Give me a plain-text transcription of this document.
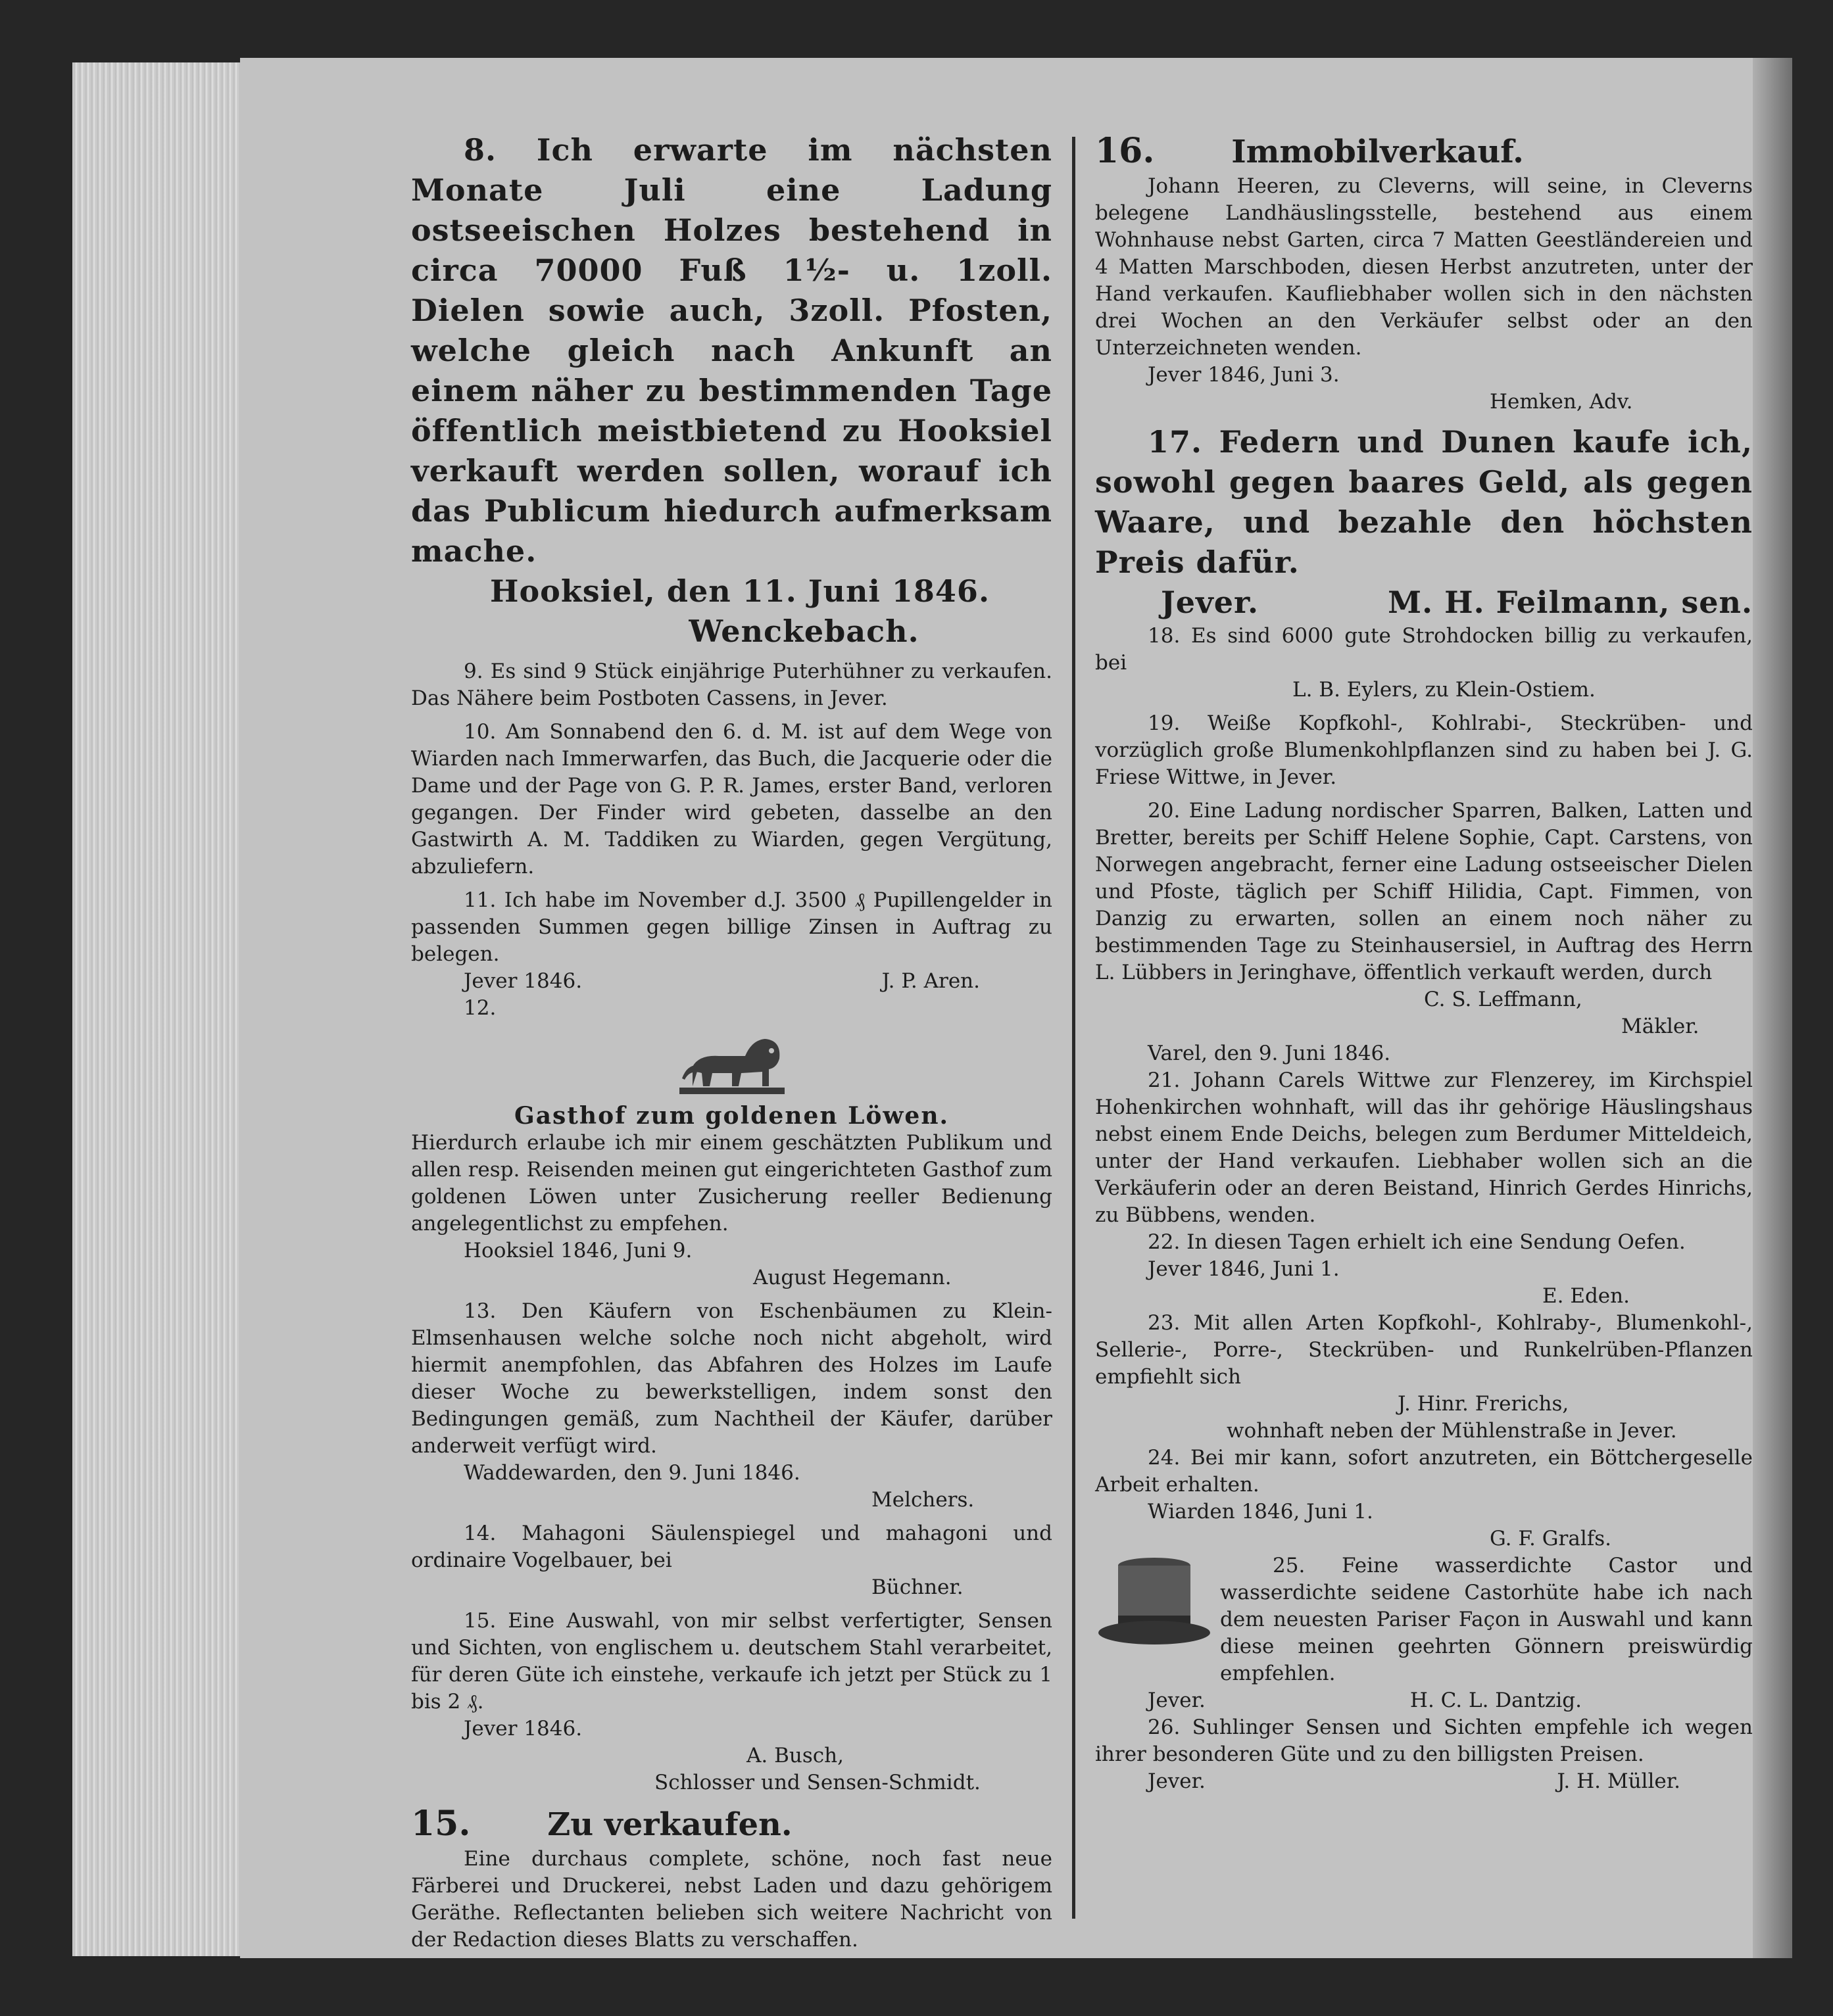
8. Ich erwarte im nächsten Monate Juli eine Ladung ostseeischen Holzes bestehend in circa 70000 Fuß 1½- u. 1zoll. Dielen sowie auch, 3zoll. Pfosten, welche gleich nach Ankunft an einem näher zu bestimmenden Tage öffentlich meistbietend zu Hooksiel verkauft werden sollen, worauf ich das Publicum hiedurch aufmerksam mache.

Hooksiel, den 11. Juni 1846.

Wenckebach.

9. Es sind 9 Stück einjährige Puterhühner zu verkaufen. Das Nähere beim Postboten Cassens, in Jever.

10. Am Sonnabend den 6. d. M. ist auf dem Wege von Wiarden nach Immerwarfen, das Buch, die Jacquerie oder die Dame und der Page von G. P. R. James, erster Band, verloren gegangen. Der Finder wird gebeten, dasselbe an den Gastwirth A. M. Taddiken zu Wiarden, gegen Vergütung, abzuliefern.

11. Ich habe im November d.J. 3500 ₰ Pupillengelder in passenden Summen gegen billige Zinsen in Auftrag zu belegen.

Jever 1846.	J. P. Aren.

12.

Gasthof zum goldenen Löwen.

Hierdurch erlaube ich mir einem geschätzten Publikum und allen resp. Reisenden meinen gut eingerichteten Gasthof zum goldenen Löwen unter Zusicherung reeller Bedienung angelegentlichst zu empfehen.

Hooksiel 1846, Juni 9.

August Hegemann.

13. Den Käufern von Eschenbäumen zu Klein-Elmsenhausen welche solche noch nicht abgeholt, wird hiermit anempfohlen, das Abfahren des Holzes im Laufe dieser Woche zu bewerkstelligen, indem sonst den Bedingungen gemäß, zum Nachtheil der Käufer, darüber anderweit verfügt wird.

Waddewarden, den 9. Juni 1846.

Melchers.

14. Mahagoni Säulenspiegel und mahagoni und ordinaire Vogelbauer, bei

Büchner.

15. Eine Auswahl, von mir selbst verfertigter, Sensen und Sichten, von englischem u. deutschem Stahl verarbeitet, für deren Güte ich einstehe, verkaufe ich jetzt per Stück zu 1 bis 2 ₰.

Jever 1846.

A. Busch,

Schlosser und Sensen-Schmidt.

15. Zu verkaufen.

Eine durchaus complete, schöne, noch fast neue Färberei und Druckerei, nebst Laden und dazu gehörigem Geräthe. Reflectanten belieben sich weitere Nachricht von der Redaction dieses Blatts zu verschaffen.

16. Immobilverkauf.

Johann Heeren, zu Cleverns, will seine, in Cleverns belegene Landhäuslingsstelle, bestehend aus einem Wohnhause nebst Garten, circa 7 Matten Geestländereien und 4 Matten Marschboden, diesen Herbst anzutreten, unter der Hand verkaufen. Kaufliebhaber wollen sich in den nächsten drei Wochen an den Verkäufer selbst oder an den Unterzeichneten wenden.

Jever 1846, Juni 3.

Hemken, Adv.

17. Federn und Dunen kaufe ich, sowohl gegen baares Geld, als gegen Waare, und bezahle den höchsten Preis dafür.

Jever.	M. H. Feilmann, sen.

18. Es sind 6000 gute Strohdocken billig zu verkaufen, bei

L. B. Eylers, zu Klein-Ostiem.

19. Weiße Kopfkohl-, Kohlrabi-, Steckrüben- und vorzüglich große Blumenkohlpflanzen sind zu haben bei J. G. Friese Wittwe, in Jever.

20. Eine Ladung nordischer Sparren, Balken, Latten und Bretter, bereits per Schiff Helene Sophie, Capt. Carstens, von Norwegen angebracht, ferner eine Ladung ostseeischer Dielen und Pfoste, täglich per Schiff Hilidia, Capt. Fimmen, von Danzig zu erwarten, sollen an einem noch näher zu bestimmenden Tage zu Steinhausersiel, in Auftrag des Herrn L. Lübbers in Jeringhave, öffentlich verkauft werden, durch

C. S. Leffmann,

Mäkler.

Varel, den 9. Juni 1846.

21. Johann Carels Wittwe zur Flenzerey, im Kirchspiel Hohenkirchen wohnhaft, will das ihr gehörige Häuslingshaus nebst einem Ende Deichs, belegen zum Berdumer Mitteldeich, unter der Hand verkaufen. Liebhaber wollen sich an die Verkäuferin oder an deren Beistand, Hinrich Gerdes Hinrichs, zu Bübbens, wenden.

22. In diesen Tagen erhielt ich eine Sendung Oefen.

Jever 1846, Juni 1.

E. Eden.

23. Mit allen Arten Kopfkohl-, Kohlraby-, Blumenkohl-, Sellerie-, Porre-, Steckrüben- und Runkelrüben-Pflanzen empfiehlt sich

J. Hinr. Frerichs,

wohnhaft neben der Mühlenstraße in Jever.

24. Bei mir kann, sofort anzutreten, ein Böttchergeselle Arbeit erhalten.

Wiarden 1846, Juni 1.

G. F. Gralfs.

25. Feine wasserdichte Castor und wasserdichte seidene Castorhüte habe ich nach dem neuesten Pariser Façon in Auswahl und kann diese meinen geehrten Gönnern preiswürdig empfehlen.

Jever.	H. C. L. Dantzig.

26. Suhlinger Sensen und Sichten empfehle ich wegen ihrer besonderen Güte und zu den billigsten Preisen.

Jever.	J. H. Müller.
